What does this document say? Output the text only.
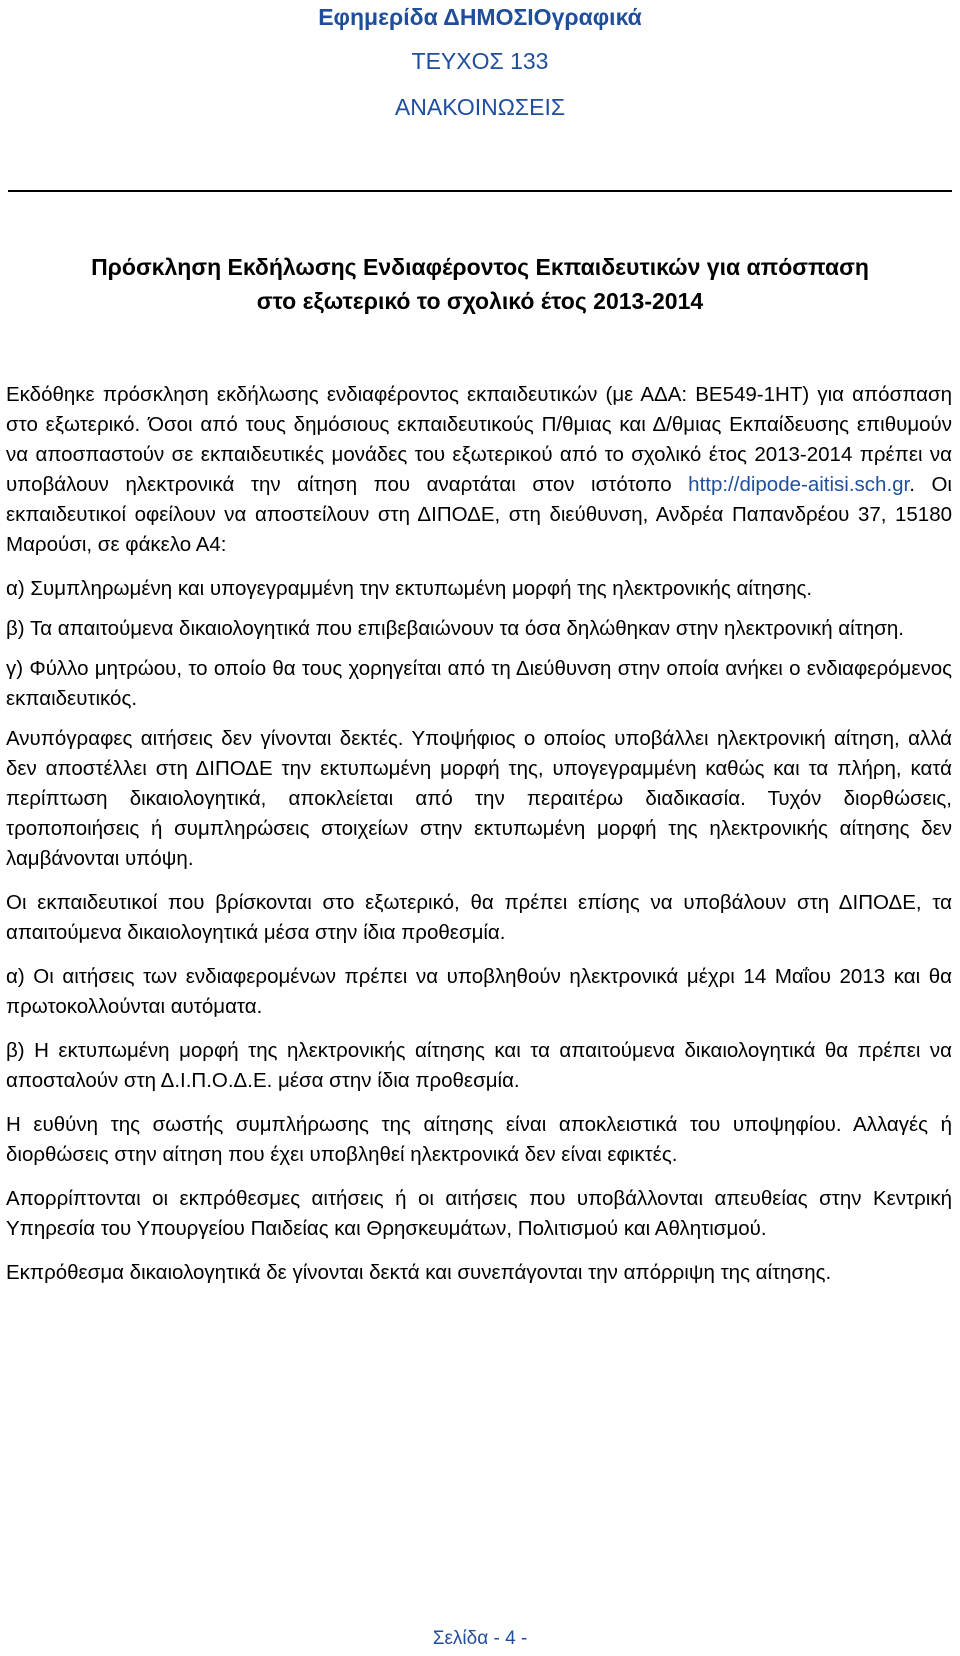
Εφημερίδα ΔΗΜΟΣΙΟγραφικά
ΤΕΥΧΟΣ 133
ΑΝΑΚΟΙΝΩΣΕΙΣ
Πρόσκληση Εκδήλωσης Ενδιαφέροντος Εκπαιδευτικών για απόσπαση
στο εξωτερικό το σχολικό έτος 2013-2014

Εκδόθηκε πρόσκληση εκδήλωσης ενδιαφέροντος εκπαιδευτικών (με ΑΔΑ: ΒΕ549-1ΗΤ) για απόσπαση στο εξωτερικό. Όσοι από τους δημόσιους εκπαιδευτικούς Π/θμιας και Δ/θμιας Εκπαίδευσης επιθυμούν να αποσπαστούν σε εκπαιδευτικές μονάδες του εξωτερικού από το σχολικό έτος 2013-2014 πρέπει να υποβάλουν ηλεκτρονικά την αίτηση που αναρτάται στον ιστότοπο http://dipode-aitisi.sch.gr. Οι εκπαιδευτικοί οφείλουν να αποστείλουν στη ΔΙΠΟΔΕ, στη διεύθυνση, Ανδρέα Παπανδρέου 37, 15180 Μαρούσι, σε φάκελο Α4:

α) Συμπληρωμένη και υπογεγραμμένη την εκτυπωμένη μορφή της ηλεκτρονικής αίτησης.

β) Τα απαιτούμενα δικαιολογητικά που επιβεβαιώνουν τα όσα δηλώθηκαν στην ηλεκτρονική αίτηση.

γ) Φύλλο μητρώου, το οποίο θα τους χορηγείται από τη Διεύθυνση στην οποία ανήκει ο ενδιαφερόμενος εκπαιδευτικός.

Ανυπόγραφες αιτήσεις δεν γίνονται δεκτές. Υποψήφιος ο οποίος υποβάλλει ηλεκτρονική αίτηση, αλλά δεν αποστέλλει στη ΔΙΠΟΔΕ την εκτυπωμένη μορφή της, υπογεγραμμένη καθώς και τα πλήρη, κατά περίπτωση δικαιολογητικά, αποκλείεται από την περαιτέρω διαδικασία. Τυχόν διορθώσεις, τροποποιήσεις ή συμπληρώσεις στοιχείων στην εκτυπωμένη μορφή της ηλεκτρονικής αίτησης δεν λαμβάνονται υπόψη.

Οι εκπαιδευτικοί που βρίσκονται στο εξωτερικό, θα πρέπει επίσης να υποβάλουν στη ΔΙΠΟΔΕ, τα απαιτούμενα δικαιολογητικά μέσα στην ίδια προθεσμία.

α) Οι αιτήσεις των ενδιαφερομένων πρέπει να υποβληθούν ηλεκτρονικά μέχρι 14 Μαΐου 2013 και θα πρωτοκολλούνται αυτόματα.

β) Η εκτυπωμένη μορφή της ηλεκτρονικής αίτησης και τα απαιτούμενα δικαιολογητικά θα πρέπει να αποσταλούν στη Δ.Ι.Π.Ο.Δ.Ε. μέσα στην ίδια προθεσμία.

Η ευθύνη της σωστής συμπλήρωσης της αίτησης είναι αποκλειστικά του υποψηφίου. Αλλαγές ή διορθώσεις στην αίτηση που έχει υποβληθεί ηλεκτρονικά δεν είναι εφικτές.

Απορρίπτονται οι εκπρόθεσμες αιτήσεις ή οι αιτήσεις που υποβάλλονται απευθείας στην Κεντρική Υπηρεσία του Υπουργείου Παιδείας και Θρησκευμάτων, Πολιτισμού και Αθλητισμού.

Εκπρόθεσμα δικαιολογητικά δε γίνονται δεκτά και συνεπάγονται την απόρριψη της αίτησης.

Σελίδα - 4 -
